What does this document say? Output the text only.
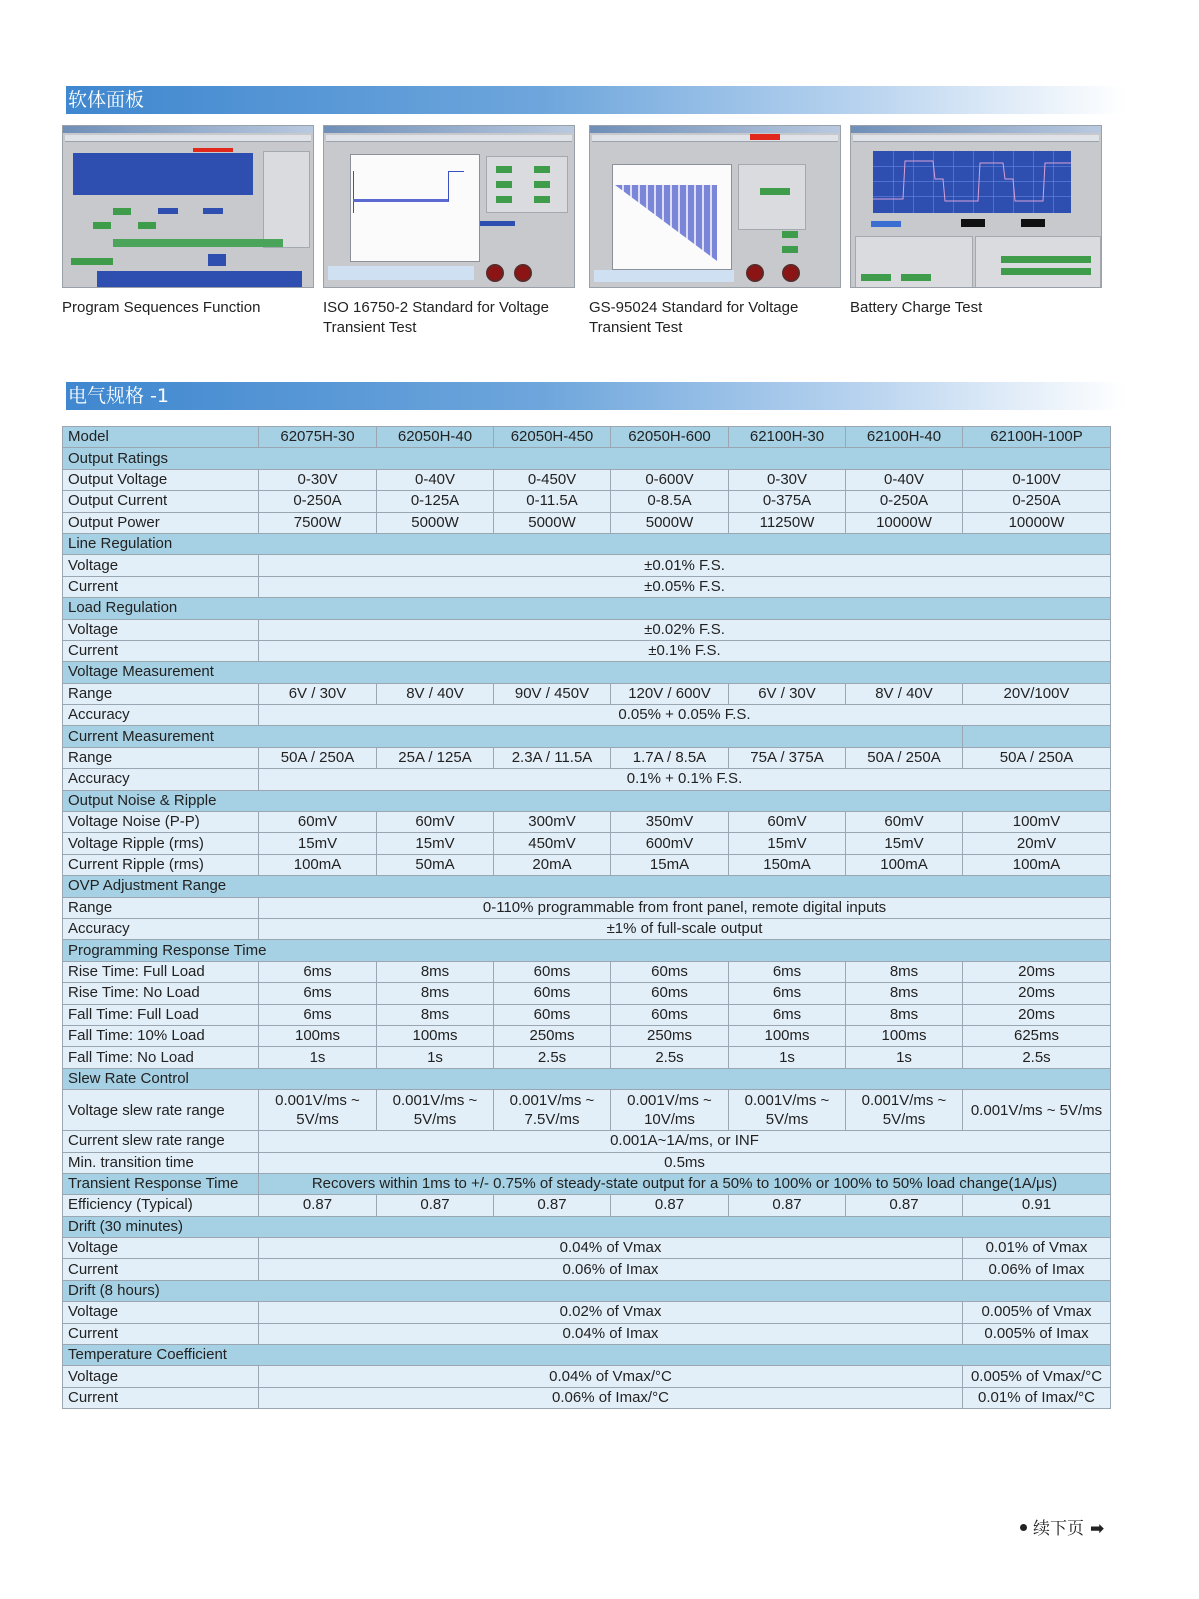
软体面板
Program Sequences Function	ISO 16750-2 Standard for Voltage Transient Test
GS-95024 Standard for Voltage Transient Test
Battery Charge Test
电气规格 -1
Model	62075H-30	62050H-40	62050H-450	62050H-600	62100H-30	62100H-40	62100H-100P
Output Ratings							
Output Voltage	0-30V	0-40V	0-450V	0-600V	0-30V	0-40V	0-100V
Output Current	0-250A	0-125A	0-11.5A	0-8.5A	0-375A	0-250A	0-250A
Output Power	7500W	5000W	5000W	5000W	11250W	10000W	10000W
Line Regulation							
Voltage	±0.01% F.S.						
Current	±0.05% F.S.						
Load Regulation							
Voltage	±0.02% F.S.						
Current	±0.1% F.S.						
Voltage Measurement							
Range	6V / 30V	8V / 40V	90V / 450V	120V / 600V	6V / 30V	8V / 40V	20V/100V
Accuracy	0.05% + 0.05% F.S.						
Current Measurement							
Range	50A / 250A	25A / 125A	2.3A / 11.5A	1.7A / 8.5A	75A / 375A	50A / 250A	50A / 250A
Accuracy	0.1% + 0.1% F.S.						
Output Noise & Ripple							
Voltage Noise (P-P)	60mV	60mV	300mV	350mV	60mV	60mV	100mV
Voltage Ripple (rms)	15mV	15mV	450mV	600mV	15mV	15mV	20mV
Current Ripple (rms)	100mA	50mA	20mA	15mA	150mA	100mA	100mA
OVP Adjustment Range							
Range	0-110% programmable from front panel, remote digital inputs						
Accuracy	±1% of full-scale output						
Programming Response Time							
Rise Time: Full Load	6ms	8ms	60ms	60ms	6ms	8ms	20ms
Rise Time: No Load	6ms	8ms	60ms	60ms	6ms	8ms	20ms
Fall Time: Full Load	6ms	8ms	60ms	60ms	6ms	8ms	20ms
Fall Time: 10% Load	100ms	100ms	250ms	250ms	100ms	100ms	625ms
Fall Time: No Load	1s	1s	2.5s	2.5s	1s	1s	2.5s
Slew Rate Control							
Voltage slew rate range	0.001V/ms ~ 5V/ms	0.001V/ms ~ 5V/ms	0.001V/ms ~ 7.5V/ms	0.001V/ms ~ 10V/ms	0.001V/ms ~ 5V/ms	0.001V/ms ~ 5V/ms	0.001V/ms ~ 5V/ms
Current slew rate range	0.001A~1A/ms, or INF						
Min. transition time	0.5ms						
Transient Response Time	Recovers within 1ms to +/- 0.75% of steady-state output for a 50% to 100% or 100% to 50% load change(1A/μs)						
Efficiency (Typical)	0.87	0.87	0.87	0.87	0.87	0.87	0.91
Drift (30 minutes)							
Voltage	0.04% of Vmax						0.01% of Vmax
Current	0.06% of Imax						0.06% of Imax
Drift (8 hours)							
Voltage	0.02% of Vmax						0.005% of Vmax
Current	0.04% of Imax						0.005% of Imax
Temperature Coefficient							
Voltage	0.04% of Vmax/°C						0.005% of Vmax/°C
Current	0.06% of Imax/°C						0.01% of Imax/°C
续下页 ➡
